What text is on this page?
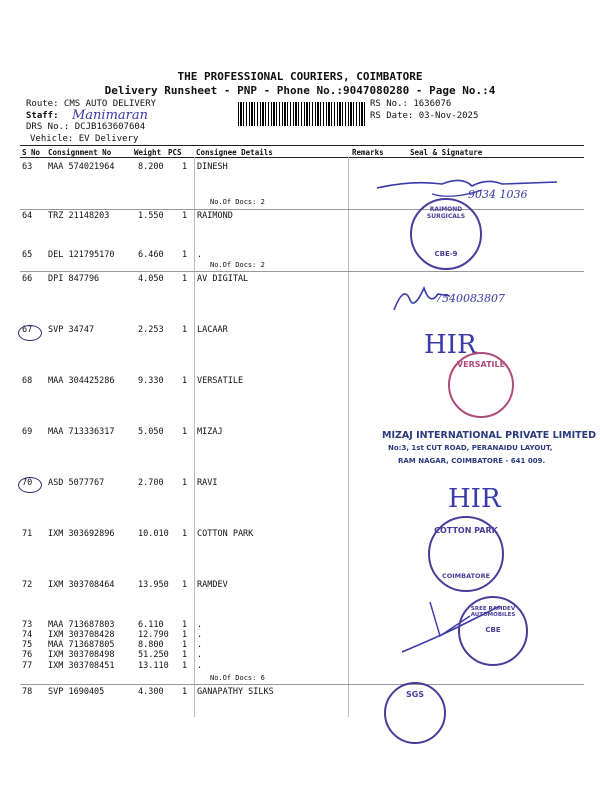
THE PROFESSIONAL COURIERS, COIMBATORE
Delivery Runsheet - PNP - Phone No.:9047080280 - Page No.:4
Route: CMS AUTO DELIVERY
Staff: Manimaran
DRS No.: DCJB163607604
Vehicle: EV Delivery
RS No.: 1636076
RS Date: 03-Nov-2025
S No Consignment No	Weight PCS Consignee Details	Remarks	Seal & Signature
63 MAA 574021964	8.200 1 DINESH
64 TRZ 21148203	1.550 1 RAIMOND
65 DEL 121795170	6.460 1 .
66 DPI 847796	4.050 1 AV DIGITAL
67 SVP 34747	2.253 1 LACAAR
68 MAA 304425286	9.330 1 VERSATILE
69 MAA 713336317	5.050 1 MIZAJ
70 ASD 5077767	2.700 1 RAVI
71 IXM 303692896	10.010 1 COTTON PARK
72 IXM 303708464	13.950 1 RAMDEV
73 MAA 713687803	6.110 1 .
74 IXM 303708428	12.790 1 .
75 MAA 713687805	8.800 1 .
76 IXM 303708498	51.250 1 .
77 IXM 303708451	13.110 1 .
78 SVP 1690405	4.300 1 GANAPATHY SILKS
No.Of Docs: 2
No.Of Docs: 2
No.Of Docs: 6
9034 1036
7540083807
HIR
HIR
RAIMOND SURGICALS
CBE-9
VERSATILE
MIZAJ INTERNATIONAL PRIVATE LIMITED
No:3, 1st CUT ROAD, PERANAIDU LAYOUT,
RAM NAGAR, COIMBATORE - 641 009.
COTTON PARK
COIMBATORE
SREE RAMDEV AUTOMOBILES
CBE
SGS
